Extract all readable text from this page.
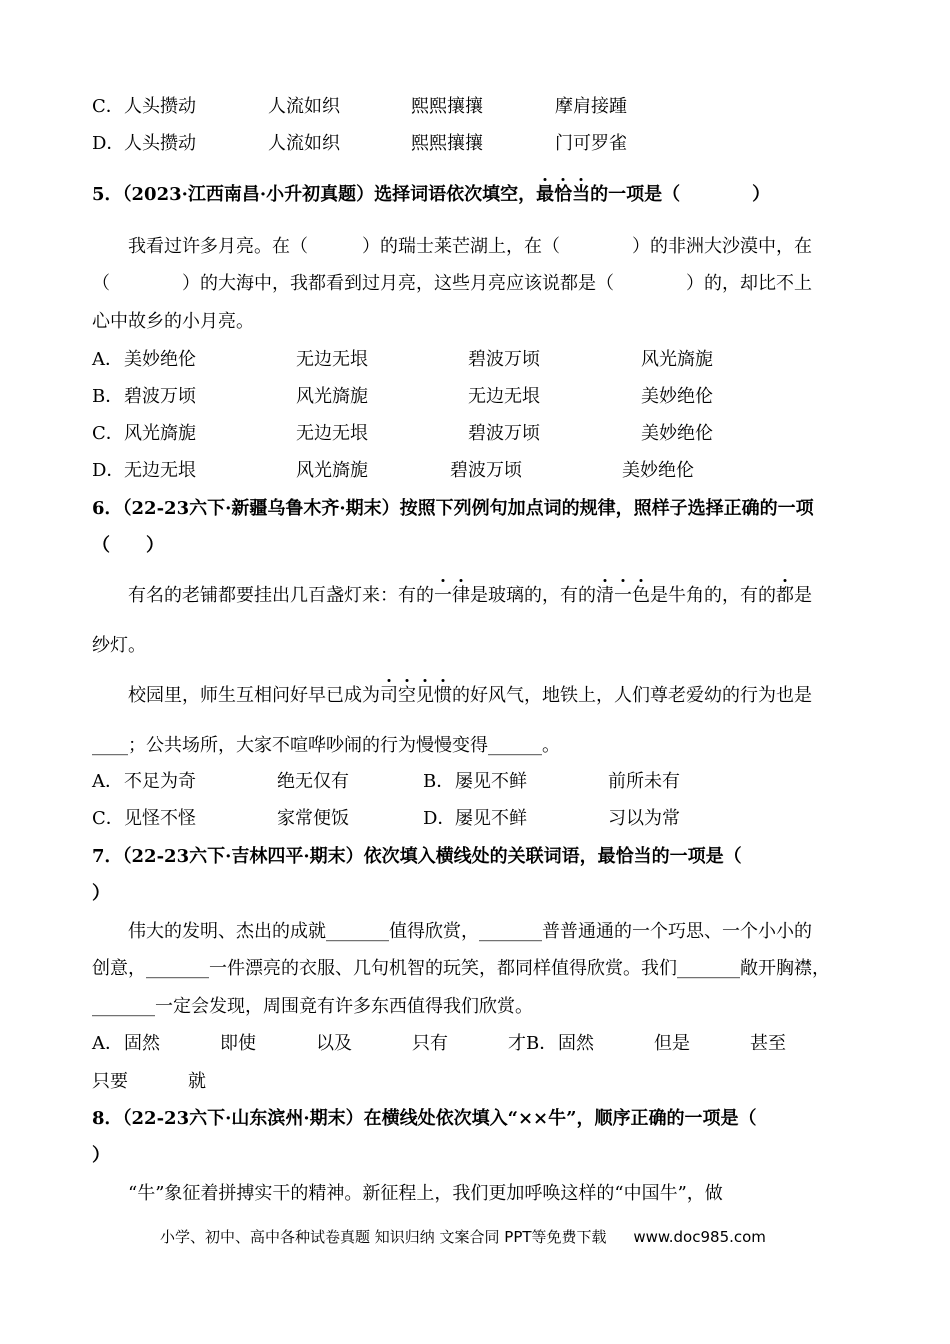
C． 人头攒动	人流如织	熙熙攘攘	摩肩接踵
D． 人头攒动	人流如织	熙熙攘攘	门可罗雀
5．（2023·江西南昌·小升初真题）选择词语依次填空，最恰当的一项是（　　　　）
我看过许多月亮。在（　　　）的瑞士莱芒湖上，在（　　　　）的非洲大沙漠中，在
（　　　　）的大海中，我都看到过月亮，这些月亮应该说都是（　　　　）的，却比不上
心中故乡的小月亮。
A． 美妙绝伦	无边无垠	碧波万顷	风光旖旎
B． 碧波万顷	风光旖旎	无边无垠	美妙绝伦
C． 风光旖旎	无边无垠	碧波万顷	美妙绝伦
D． 无边无垠	风光旖旎	碧波万顷	美妙绝伦
6．（22-23六下·新疆乌鲁木齐·期末）按照下列例句加点词的规律，照样子选择正确的一项
（　　）
有名的老铺都要挂出几百盏灯来：有的一律是玻璃的，有的清一色是牛角的，有的都是
纱灯。
校园里，师生互相问好早已成为司空见惯的好风气，地铁上，人们尊老爱幼的行为也是
____；公共场所，大家不喧哗吵闹的行为慢慢变得______。
A． 不足为奇	绝无仅有	B． 屡见不鲜	前所未有
C． 见怪不怪	家常便饭	D． 屡见不鲜	习以为常
7．（22-23六下·吉林四平·期末）依次填入横线处的关联词语，最恰当的一项是（
）
伟大的发明、杰出的成就_______值得欣赏，_______普普通通的一个巧思、一个小小的
创意，_______一件漂亮的衣服、几句机智的玩笑，都同样值得欣赏。我们_______敞开胸襟，
_______一定会发现，周围竟有许多东西值得我们欣赏。
A． 固然	即使	以及	只有	才 B． 固然	但是	甚至
只要	就
8．（22-23六下·山东滨州·期末）在横线处依次填入“××牛”，顺序正确的一项是（
）
“牛”象征着拼搏实干的精神。新征程上，我们更加呼唤这样的“中国牛”，做
小学、初中、高中各种试卷真题 知识归纳 文案合同 PPT等免费下载 www.doc985.com
